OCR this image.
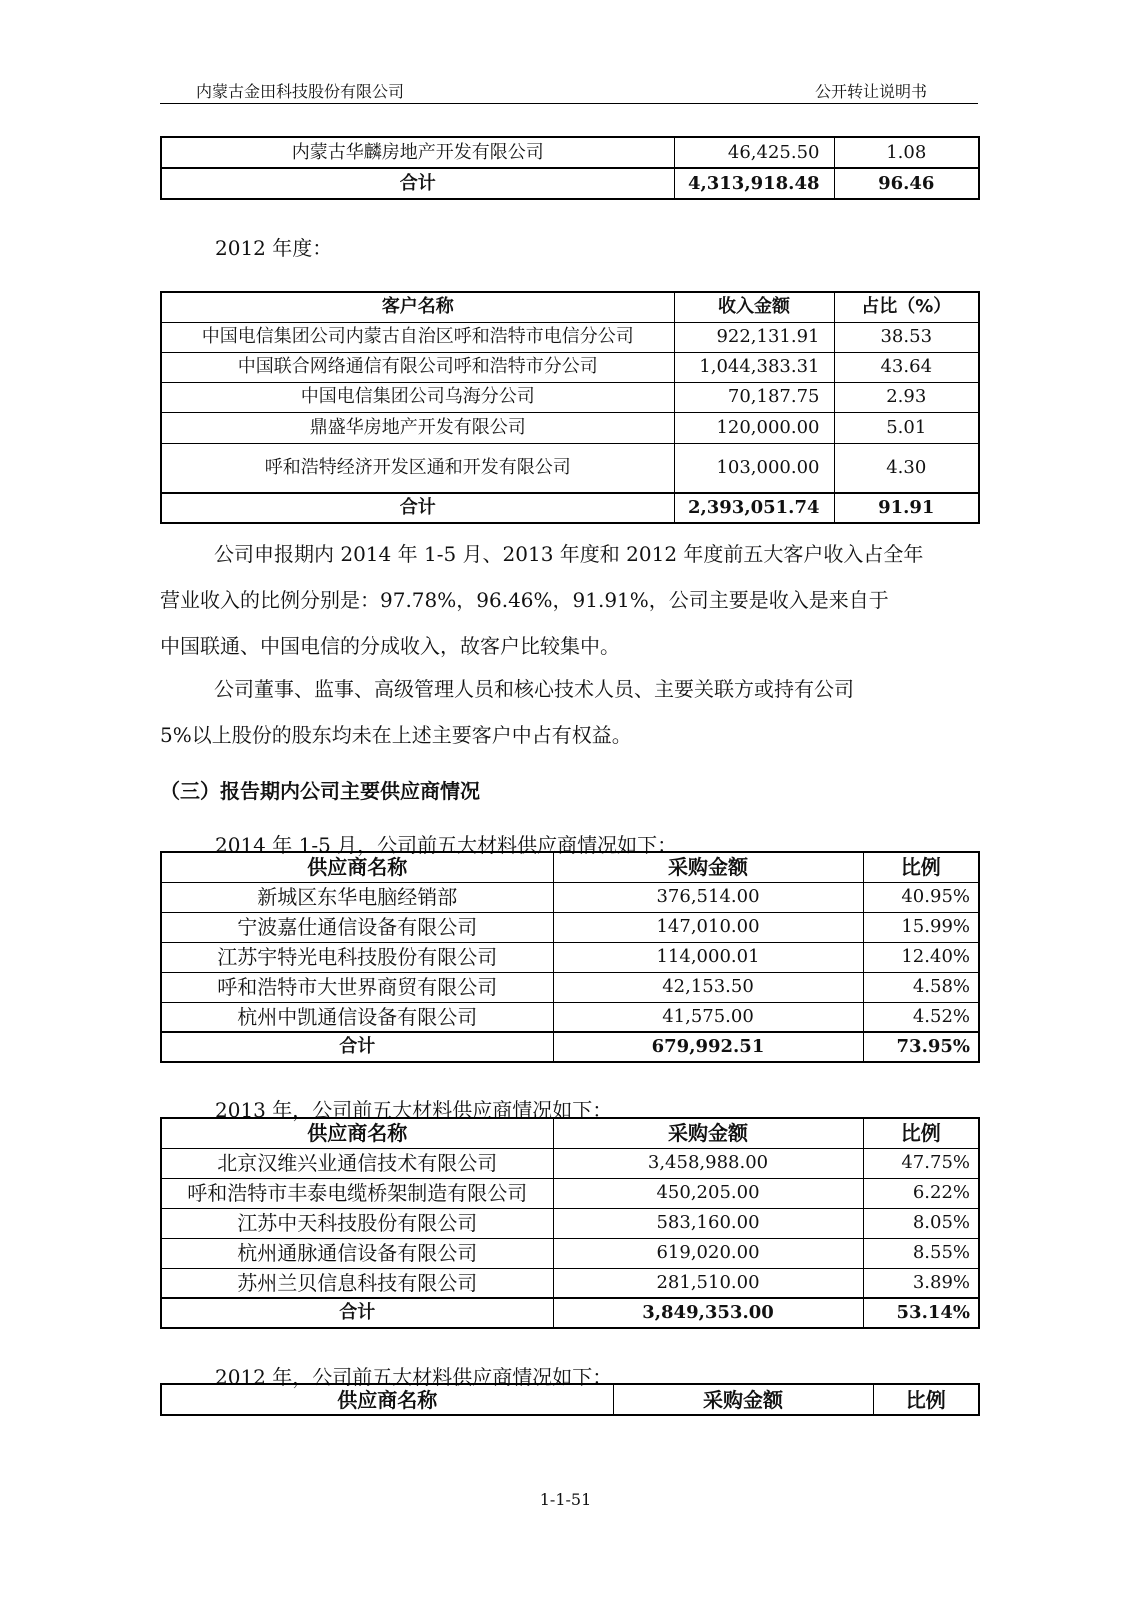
内蒙古金田科技股份有限公司	公开转让说明书
内蒙古华麟房地产开发有限公司	46,425.50	1.08
合计	4,313,918.48	96.46
2012 年度：
客户名称	收入金额	占比（%）
中国电信集团公司内蒙古自治区呼和浩特市电信分公司	922,131.91	38.53
中国联合网络通信有限公司呼和浩特市分公司	1,044,383.31	43.64
中国电信集团公司乌海分公司	70,187.75	2.93
鼎盛华房地产开发有限公司	120,000.00	5.01
呼和浩特经济开发区通和开发有限公司	103,000.00	4.30
合计	2,393,051.74	91.91
公司申报期内 2014 年 1-5 月、2013 年度和 2012 年度前五大客户收入占全年
营业收入的比例分别是：97.78%，96.46%，91.91%，公司主要是收入是来自于
中国联通、中国电信的分成收入，故客户比较集中。
公司董事、监事、高级管理人员和核心技术人员、主要关联方或持有公司
5%以上股份的股东均未在上述主要客户中占有权益。
（三）报告期内公司主要供应商情况
2014 年 1-5 月，公司前五大材料供应商情况如下：
供应商名称	采购金额	比例
新城区东华电脑经销部	376,514.00	40.95%
宁波嘉仕通信设备有限公司	147,010.00	15.99%
江苏宇特光电科技股份有限公司	114,000.01	12.40%
呼和浩特市大世界商贸有限公司	42,153.50	4.58%
杭州中凯通信设备有限公司	41,575.00	4.52%
合计	679,992.51	73.95%
2013 年，公司前五大材料供应商情况如下：
供应商名称	采购金额	比例
北京汉维兴业通信技术有限公司	3,458,988.00	47.75%
呼和浩特市丰泰电缆桥架制造有限公司	450,205.00	6.22%
江苏中天科技股份有限公司	583,160.00	8.05%
杭州通脉通信设备有限公司	619,020.00	8.55%
苏州兰贝信息科技有限公司	281,510.00	3.89%
合计	3,849,353.00	53.14%
2012 年，公司前五大材料供应商情况如下：
供应商名称	采购金额	比例
1-1-51
